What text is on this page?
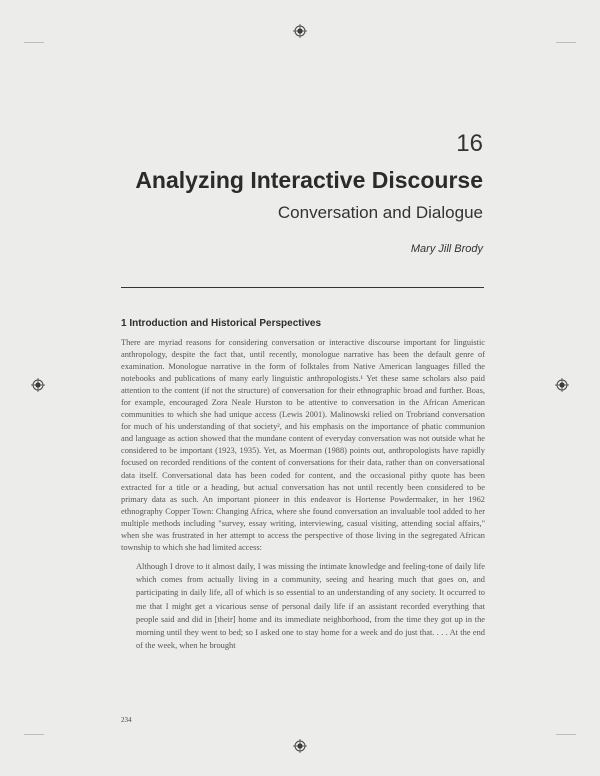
16
Analyzing Interactive Discourse
Conversation and Dialogue
Mary Jill Brody
1 Introduction and Historical Perspectives

There are myriad reasons for considering conversation or interactive discourse important for linguistic anthropology, despite the fact that, until recently, monologue narrative has been the default genre of examination. Monologue narrative in the form of folktales from Native American languages filled the notebooks and publications of many early linguistic anthropologists.¹ Yet these same scholars also paid attention to the content (if not the structure) of conversation for their ethnographic broad and further. Boas, for example, encouraged Zora Neale Hurston to be attentive to conversation in the African American communities to which she had unique access (Lewis 2001). Malinowski relied on Trobriand conversation for much of his understanding of that society², and his emphasis on the importance of phatic communion and language as action showed that the mundane content of everyday conversation was not outside what he considered to be important (1923, 1935). Yet, as Moerman (1988) points out, anthropologists have rapidly focused on recorded renditions of the content of conversations for their data, rather than on conversational data itself. Conversational data has been coded for content, and the occasional pithy quote has been extracted for a title or a heading, but actual conversation has not until recently been considered to be primary data as such. An important pioneer in this endeavor is Hortense Powdermaker, in her 1962 ethnography Copper Town: Changing Africa, where she found conversation an invaluable tool added to her multiple methods including "survey, essay writing, interviewing, casual visiting, attending social affairs," when she was frustrated in her attempt to access the perspective of those living in the segregated African township to which she had limited access:

Although I drove to it almost daily, I was missing the intimate knowledge and feeling-tone of daily life which comes from actually living in a community, seeing and hearing much that goes on, and participating in daily life, all of which is so essential to an understanding of any society. It occurred to me that I might get a vicarious sense of personal daily life if an assistant recorded everything that people said and did in [their] home and its immediate neighborhood, from the time they got up in the morning until they went to bed; so I asked one to stay home for a week and do just that. . . . At the end of the week, when he brought

234
